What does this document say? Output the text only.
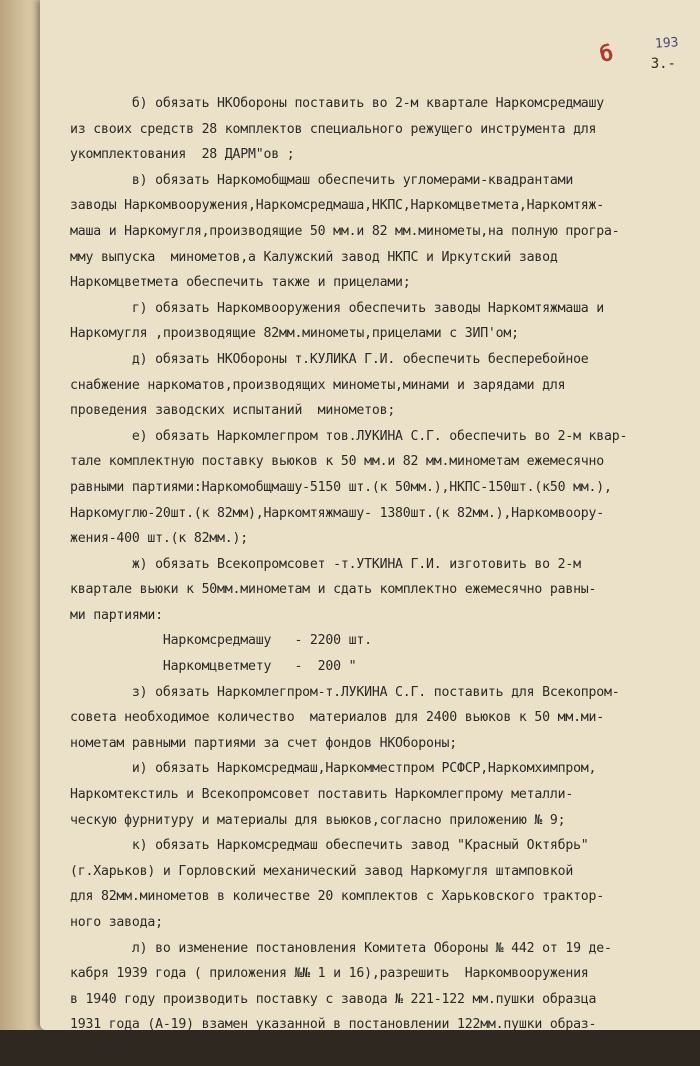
б	193
3.-
б) обязать НКОбороны поставить во 2-м квартале Наркомсредмашу
из своих средств 28 комплектов специального режущего инструмента для
укомплектования  28 ДАРМ"ов ;
в) обязать Наркомобщмаш обеспечить угломерами-квадрантами
заводы Наркомвооружения,Наркомсредмаша,НКПС,Наркомцветмета,Наркомтяж-
маша и Наркомугля,производящие 50 мм.и 82 мм.минометы,на полную програ-
мму выпуска  минометов,а Калужский завод НКПС и Иркутский завод
Наркомцветмета обеспечить также и прицелами;
г) обязать Наркомвооружения обеспечить заводы Наркомтяжмаша и
Наркомугля ,производящие 82мм.минометы,прицелами с ЗИП'ом;
д) обязать НКОбороны т.КУЛИКА Г.И. обеспечить бесперебойное
снабжение наркоматов,производящих минометы,минами и зарядами для
проведения заводских испытаний  минометов;
е) обязать Наркомлегпром тов.ЛУКИНА С.Г. обеспечить во 2-м квар-
тале комплектную поставку вьюков к 50 мм.и 82 мм.минометам ежемесячно
равными партиями:Наркомобщмашу-5150 шт.(к 50мм.),НКПС-150шт.(к50 мм.),
Наркомуглю-20шт.(к 82мм),Наркомтяжмашу- 1380шт.(к 82мм.),Наркомвоору-
жения-400 шт.(к 82мм.);
ж) обязать Всекопромсовет -т.УТКИНА Г.И. изготовить во 2-м
квартале вьюки к 50мм.минометам и сдать комплектно ежемесячно равны-
ми партиями:
Наркомсредмашу   - 2200 шт.
Наркомцветмету   -  200 "
з) обязать Наркомлегпром-т.ЛУКИНА С.Г. поставить для Всекопром-
совета необходимое количество  материалов для 2400 вьюков к 50 мм.ми-
нометам равными партиями за счет фондов НКОбороны;
и) обязать Наркомсредмаш,Наркомместпром РСФСР,Наркомхимпром,
Наркомтекстиль и Всекопромсовет поставить Наркомлегпрому металли-
ческую фурнитуру и материалы для вьюков,согласно приложению № 9;
к) обязать Наркомсредмаш обеспечить завод "Красный Октябрь"
(г.Харьков) и Горловский механический завод Наркомугля штамповкой
для 82мм.минометов в количестве 20 комплектов с Харьковского трактор-
ного завода;
л) во изменение постановления Комитета Обороны № 442 от 19 де-
кабря 1939 года ( приложения №№ 1 и 16),разрешить  Наркомвооружения
в 1940 году производить поставку с завода № 221-122 мм.пушки образца
1931 года (А-19) взамен указанной в постановлении 122мм.пушки образ-
ца 1931/37г.
